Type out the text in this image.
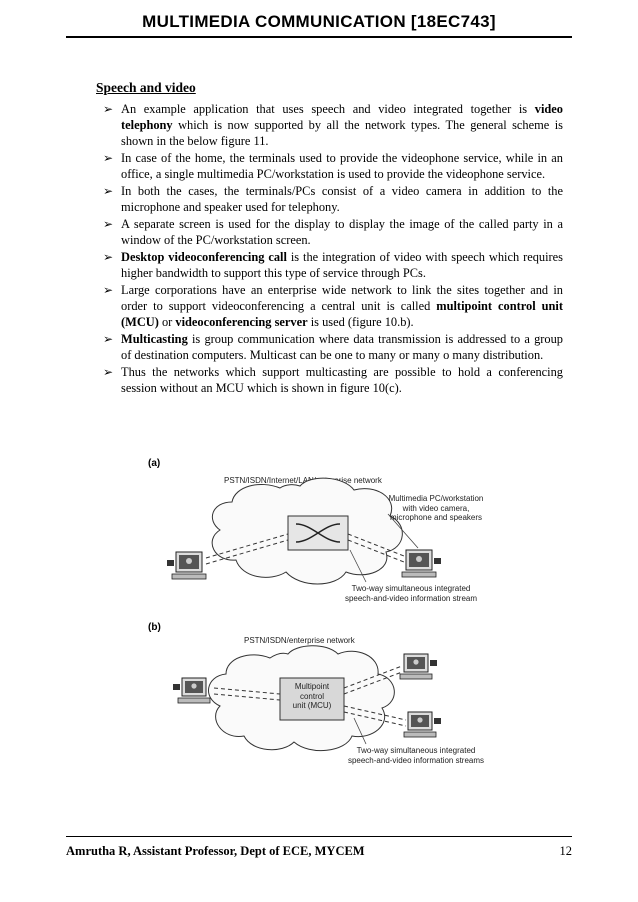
MULTIMEDIA COMMUNICATION [18EC743]
Speech and video
➢ An example application that uses speech and video integrated together is video telephony which is now supported by all the network types. The general scheme is shown in the below figure 11.
➢ In case of the home, the terminals used to provide the videophone service, while in an office, a single multimedia PC/workstation is used to provide the videophone service.
➢ In both the cases, the terminals/PCs consist of a video camera in addition to the microphone and speaker used for telephony.
➢ A separate screen is used for the display to display the image of the called party in a window of the PC/workstation screen.
➢ Desktop videoconferencing call is the integration of video with speech which requires higher bandwidth to support this type of service through PCs.
➢ Large corporations have an enterprise wide network to link the sites together and in order to support videoconferencing a central unit is called multipoint control unit (MCU) or videoconferencing server is used (figure 10.b).
➢ Multicasting is group communication where data transmission is addressed to a group of destination computers. Multicast can be one to many or many o many distribution.
➢ Thus the networks which support multicasting are possible to hold a conferencing session without an MCU which is shown in figure 10(c).
(a)
PSTN/ISDN/Internet/LAN/enterprise network
Multimedia PC/workstation
with video camera,
microphone and speakers
Two-way simultaneous integrated
speech-and-video information stream
(b)
PSTN/ISDN/enterprise network
Multipoint
control
unit (MCU)
Two-way simultaneous integrated
speech-and-video information streams
Amrutha R, Assistant Professor, Dept of ECE, MYCEM	12
